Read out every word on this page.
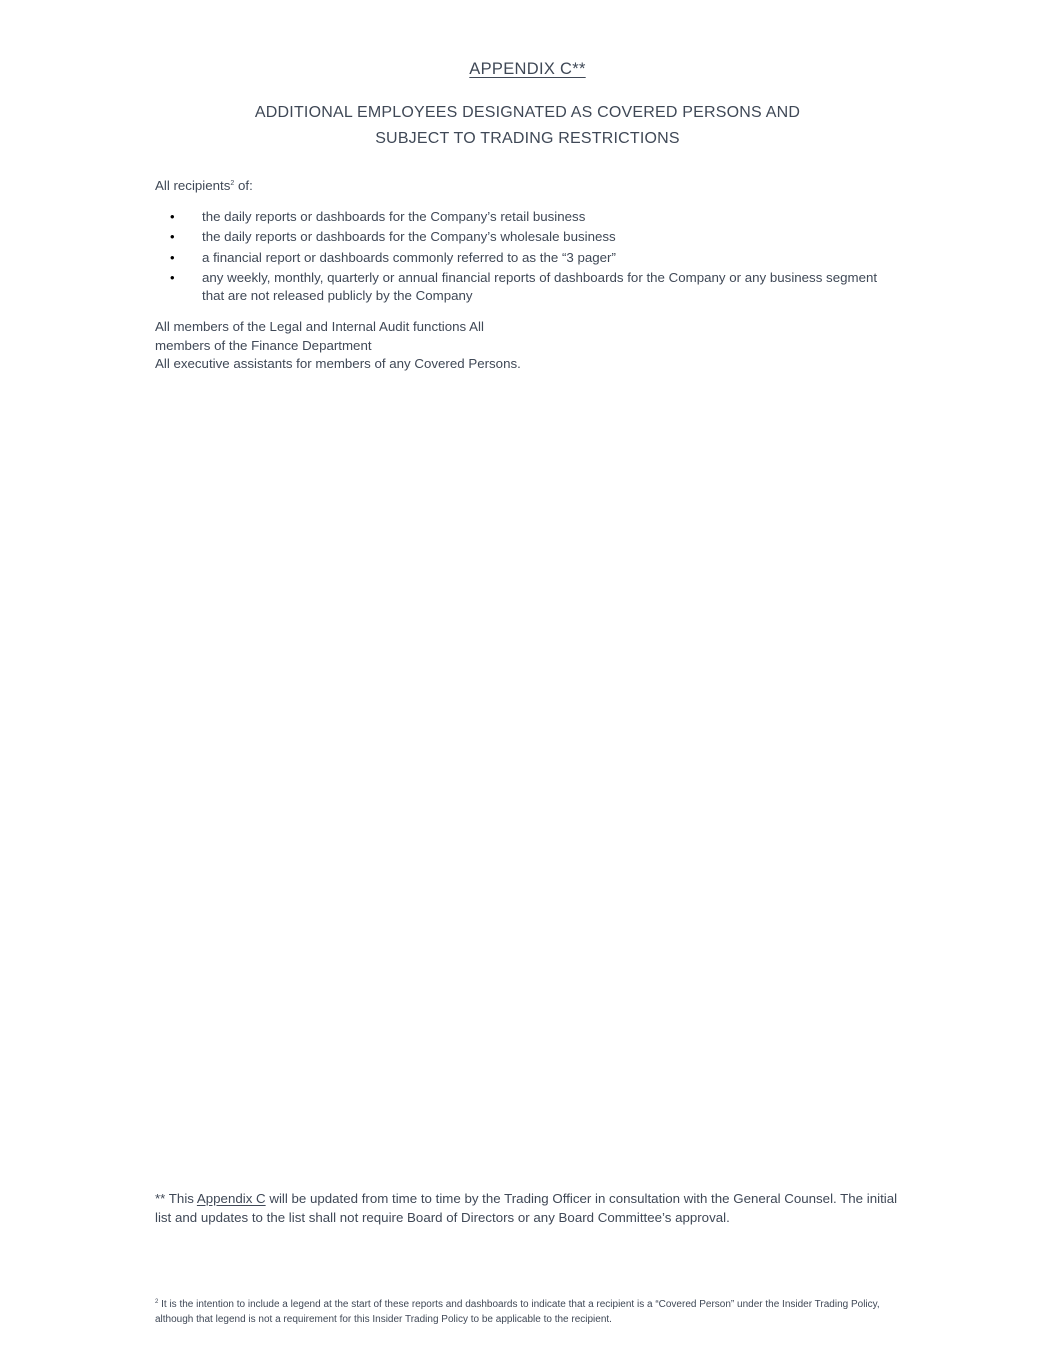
APPENDIX C**
ADDITIONAL EMPLOYEES DESIGNATED AS COVERED PERSONS AND
SUBJECT TO TRADING RESTRICTIONS
All recipients$^2$ of:
• the daily reports or dashboards for the Company’s retail business
• the daily reports or dashboards for the Company’s wholesale business
• a financial report or dashboards commonly referred to as the “3 pager”
• any weekly, monthly, quarterly or annual financial reports of dashboards for the Company or any business segment that are not released publicly by the Company
All members of the Legal and Internal Audit functions All
members of the Finance Department
All executive assistants for members of any Covered Persons.
** This Appendix C will be updated from time to time by the Trading Officer in consultation with the General Counsel. The initial list and updates to the list shall not require Board of Directors or any Board Committee’s approval.
$^2$ It is the intention to include a legend at the start of these reports and dashboards to indicate that a recipient is a “Covered Person” under the Insider Trading Policy, although that legend is not a requirement for this Insider Trading Policy to be applicable to the recipient.
